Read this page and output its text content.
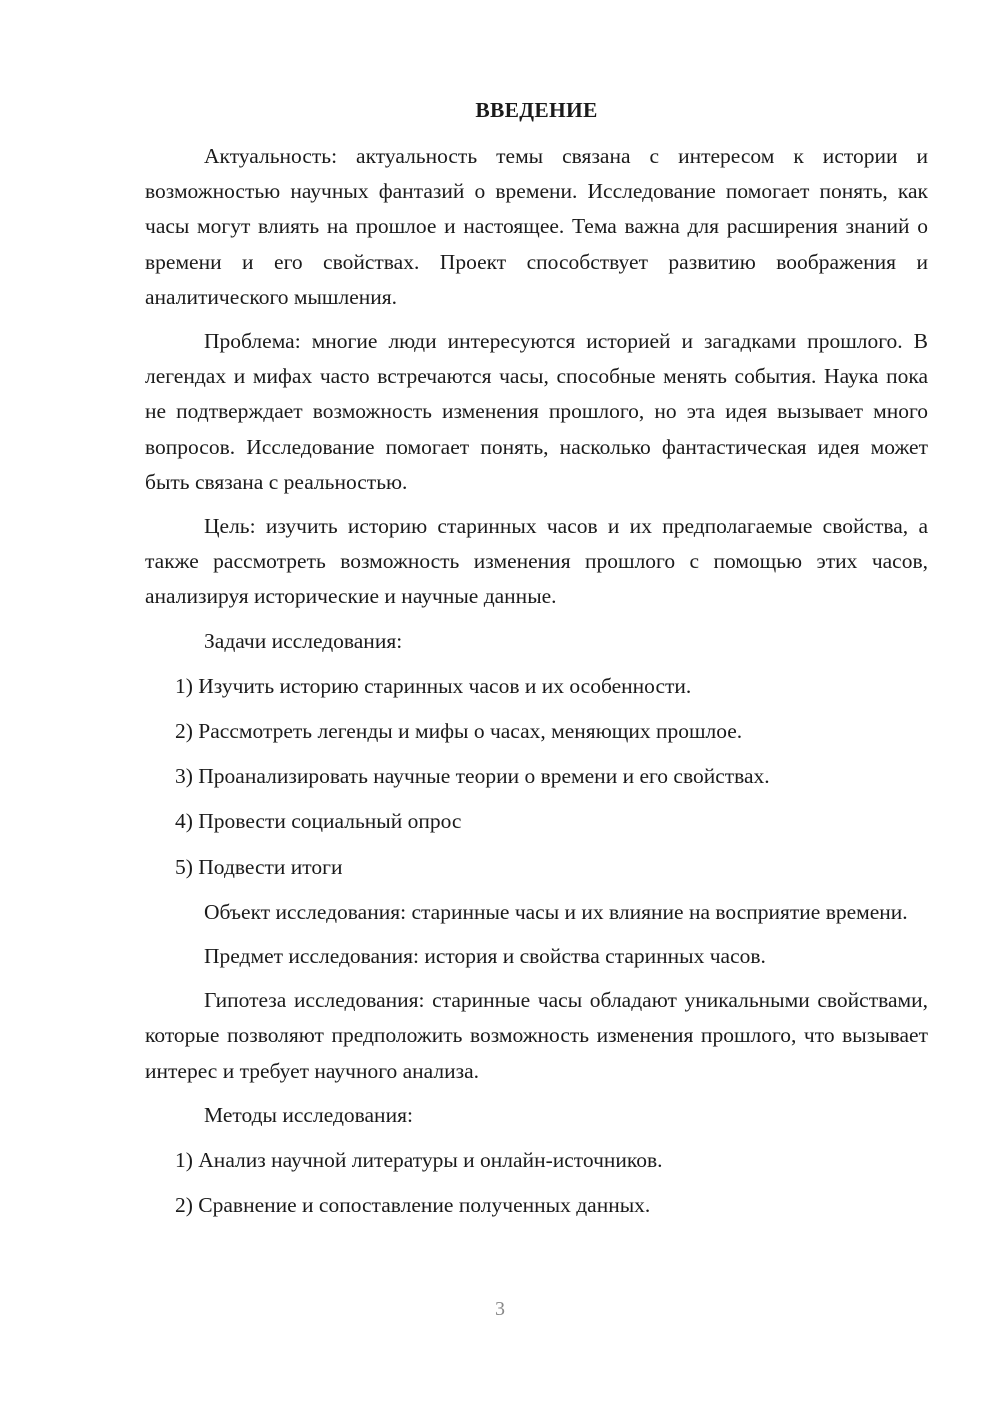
ВВЕДЕНИЕ

Актуальность: актуальность темы связана с интересом к истории и возможностью научных фантазий о времени. Исследование помогает понять, как часы могут влиять на прошлое и настоящее. Тема важна для расширения знаний о времени и его свойствах. Проект способствует развитию воображения и аналитического мышления.

Проблема: многие люди интересуются историей и загадками прошлого. В легендах и мифах часто встречаются часы, способные менять события. Наука пока не подтверждает возможность изменения прошлого, но эта идея вызывает много вопросов. Исследование помогает понять, насколько фантастическая идея может быть связана с реальностью.

Цель: изучить историю старинных часов и их предполагаемые свойства, а также рассмотреть возможность изменения прошлого с помощью этих часов, анализируя исторические и научные данные.

Задачи исследования:

1) Изучить историю старинных часов и их особенности.

2) Рассмотреть легенды и мифы о часах, меняющих прошлое.

3) Проанализировать научные теории о времени и его свойствах.

4) Провести социальный опрос

5) Подвести итоги

Объект исследования: старинные часы и их влияние на восприятие времени.

Предмет исследования: история и свойства старинных часов.

Гипотеза исследования: старинные часы обладают уникальными свойствами, которые позволяют предположить возможность изменения прошлого, что вызывает интерес и требует научного анализа.

Методы исследования:

1) Анализ научной литературы и онлайн-источников.

2) Сравнение и сопоставление полученных данных.

3
